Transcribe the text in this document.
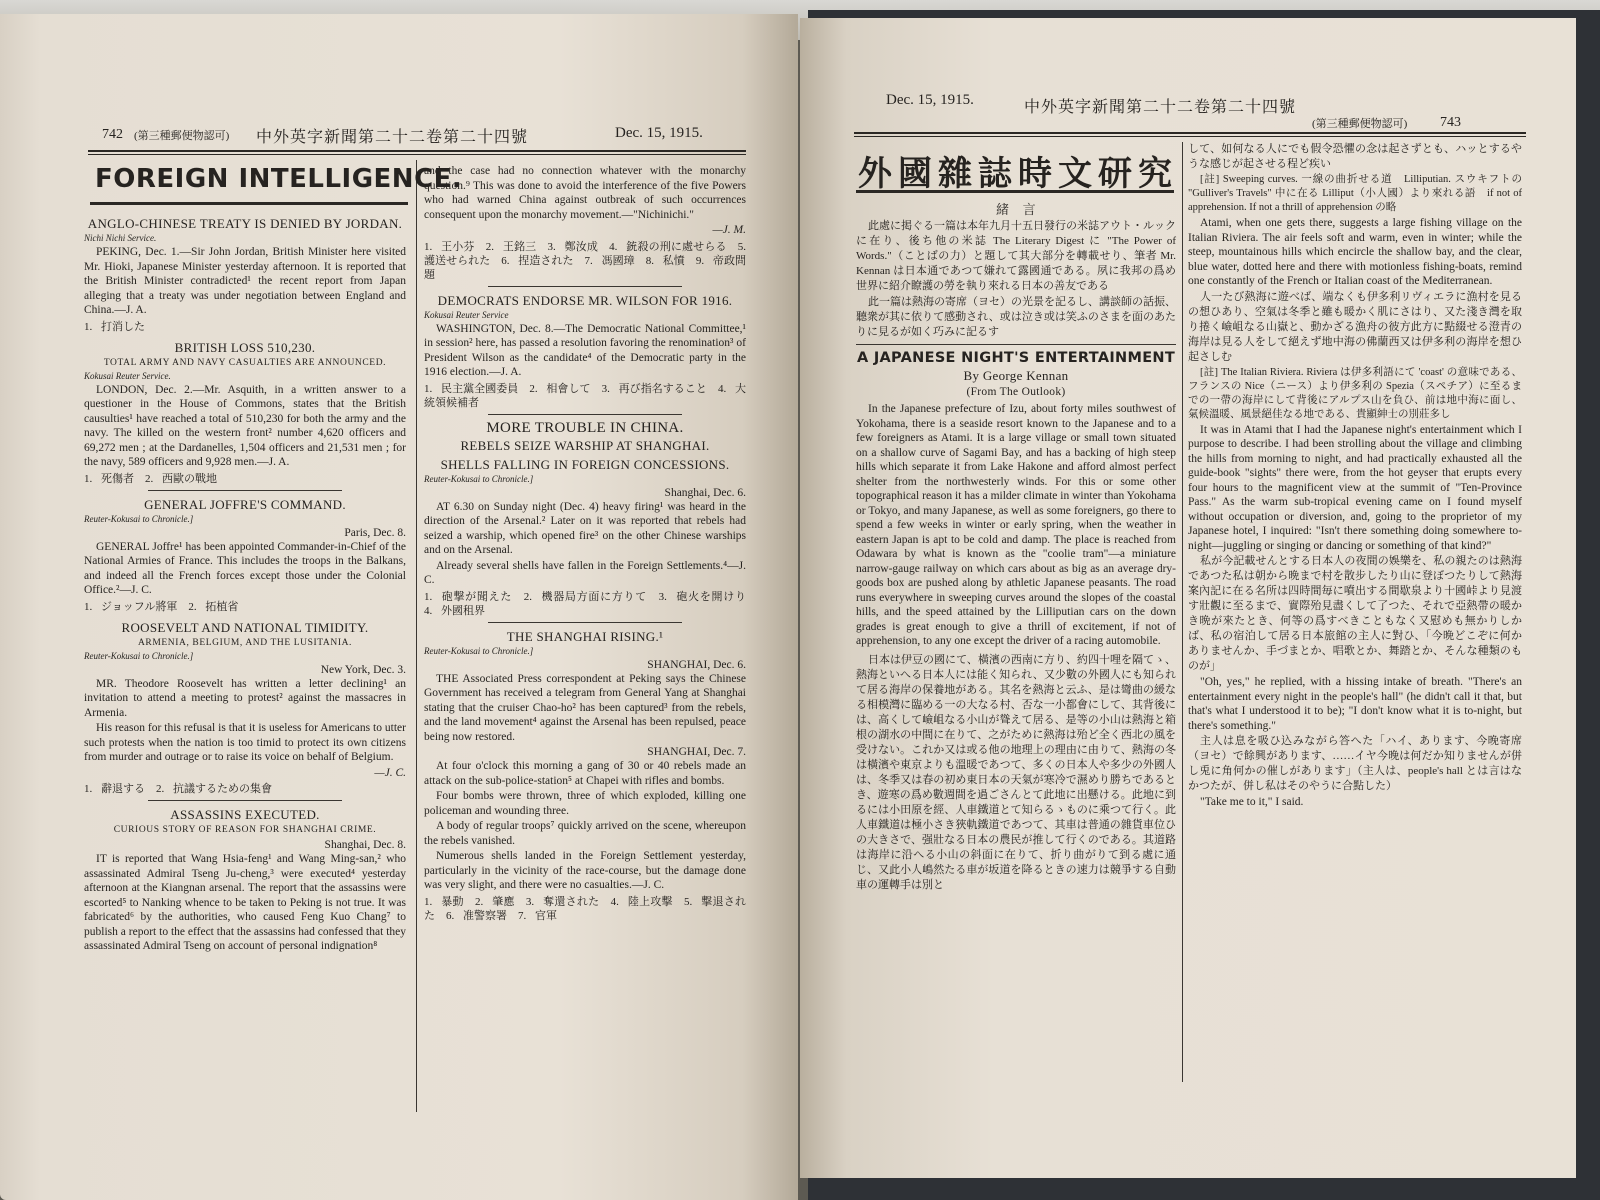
742 (第三種郵便物認可) 中外英字新聞第二十二卷第二十四號	Dec. 15, 1915.
FOREIGN INTELLIGENCE.
ANGLO-CHINESE TREATY IS DENIED BY JORDAN.
Nichi Nichi Service.

PEKING, Dec. 1.—Sir John Jordan, British Minister here visited Mr. Hioki, Japanese Minister yesterday afternoon. It is reported that the British Minister contradicted¹ the recent report from Japan alleging that a treaty was under negotiation between England and China.—J. A.

1. 打消した
BRITISH LOSS 510,230.
TOTAL ARMY AND NAVY CASUALTIES ARE ANNOUNCED.
Kokusai Reuter Service.

LONDON, Dec. 2.—Mr. Asquith, in a written answer to a questioner in the House of Commons, states that the British causulties¹ have reached a total of 510,230 for both the army and the navy. The killed on the western front² number 4,620 officers and 69,272 men ; at the Dardanelles, 1,504 officers and 21,531 men ; for the navy, 589 officers and 9,928 men.—J. A.

1. 死傷者　2. 西歐の戰地
GENERAL JOFFRE'S COMMAND.
Reuter-Kokusai to Chronicle.]
Paris, Dec. 8.

GENERAL Joffre¹ has been appointed Commander-in-Chief of the National Armies of France. This includes the troops in the Balkans, and indeed all the French forces except those under the Colonial Office.²—J. C.

1. ジョッフル將軍　2. 拓植省
ROOSEVELT AND NATIONAL TIMIDITY.
ARMENIA, BELGIUM, AND THE LUSITANIA.
Reuter-Kokusai to Chronicle.]
New York, Dec. 3.

MR. Theodore Roosevelt has written a letter declining¹ an invitation to attend a meeting to protest² against the massacres in Armenia.

His reason for this refusal is that it is useless for Americans to utter such protests when the nation is too timid to protect its own citizens from murder and outrage or to raise its voice on behalf of Belgium.

—J. C.
1. 辭退する　2. 抗議するための集會
ASSASSINS EXECUTED.
CURIOUS STORY OF REASON FOR SHANGHAI CRIME.
Shanghai, Dec. 8.

IT is reported that Wang Hsia-feng¹ and Wang Ming-san,² who assassinated Admiral Tseng Ju-cheng,³ were executed⁴ yesterday afternoon at the Kiangnan arsenal. The report that the assassins were escorted⁵ to Nanking whence to be taken to Peking is not true. It was fabricated⁶ by the authorities, who caused Feng Kuo Chang⁷ to publish a report to the effect that the assassins had confessed that they assassinated Admiral Tseng on account of personal indignation⁸

and the case had no connection whatever with the monarchy question.⁹ This was done to avoid the interference of the five Powers who had warned China against outbreak of such occurrences consequent upon the monarchy movement.—"Nichinichi."

—J. M.
1. 王小芬　2. 王銘三　3. 鄭汝成　4. 銃殺の刑に處せらる　5. 護送せられた　6. 捏造された　7. 馮國璋　8. 私憤　9. 帝政問題
DEMOCRATS ENDORSE MR. WILSON FOR 1916.
Kokusai Reuter Service

WASHINGTON, Dec. 8.—The Democratic National Committee,¹ in session² here, has passed a resolution favoring the renomination³ of President Wilson as the candidate⁴ of the Democratic party in the 1916 election.—J. A.

1. 民主黨全國委員　2. 相會して　3. 再び指名すること　4. 大統領候補者
MORE TROUBLE IN CHINA.
REBELS SEIZE WARSHIP AT SHANGHAI.
SHELLS FALLING IN FOREIGN CONCESSIONS.
Reuter-Kokusai to Chronicle.]
Shanghai, Dec. 6.

AT 6.30 on Sunday night (Dec. 4) heavy firing¹ was heard in the direction of the Arsenal.² Later on it was reported that rebels had seized a warship, which opened fire³ on the other Chinese warships and on the Arsenal.

Already several shells have fallen in the Foreign Settlements.⁴—J. C.

1. 砲撃が聞えた　2. 機器局方面に方りて　3. 砲火を開けり　4. 外國租界
THE SHANGHAI RISING.¹
Reuter-Kokusai to Chronicle.]
SHANGHAI, Dec. 6.

THE Associated Press correspondent at Peking says the Chinese Government has received a telegram from General Yang at Shanghai stating that the cruiser Chao-ho² has been captured³ from the rebels, and the land movement⁴ against the Arsenal has been repulsed, peace being now restored.

SHANGHAI, Dec. 7.

At four o'clock this morning a gang of 30 or 40 rebels made an attack on the sub-police-station⁵ at Chapei with rifles and bombs.

Four bombs were thrown, three of which exploded, killing one policeman and wounding three.

A body of regular troops⁷ quickly arrived on the scene, whereupon the rebels vanished.

Numerous shells landed in the Foreign Settlement yesterday, particularly in the vicinity of the race-course, but the damage done was very slight, and there were no casualties.—J. C.

1. 暴動　2. 肇應　3. 奪還された　4. 陸上攻擊　5. 擊退された　6. 准警察署　7. 官軍
Dec. 15, 1915.	中外英字新聞第二十二卷第二十四號
(第三種郵便物認可) 743
外國雜誌時文研究
緒　言

此處に掲ぐる一篇は本年九月十五日發行の米誌アウト・ルックに在り、後ち他の米誌 The Literary Digest に "The Power of Words."（ことばの力）と題して其大部分を轉載せり、筆者 Mr. Kennan は日本通であつて嫌れて露國通である。夙に我邦の爲め世界に紹介瞭護の勞を執り來れる日本の善友である

此一篇は熱海の寄席（ヨセ）の光景を記るし、講談師の話振、聽衆が其に依りて感動され、或は泣き或は笑ふのさまを面のあたりに見るが如く巧みに記るす

A JAPANESE NIGHT'S ENTERTAINMENT
By George Kennan
(From The Outlook)

In the Japanese prefecture of Izu, about forty miles southwest of Yokohama, there is a seaside resort known to the Japanese and to a few foreigners as Atami. It is a large village or small town situated on a shallow curve of Sagami Bay, and has a backing of high steep hills which separate it from Lake Hakone and afford almost perfect shelter from the northwesterly winds. For this or some other topographical reason it has a milder climate in winter than Yokohama or Tokyo, and many Japanese, as well as some foreigners, go there to spend a few weeks in winter or early spring, when the weather in eastern Japan is apt to be cold and damp. The place is reached from Odawara by what is known as the "coolie tram"—a miniature narrow-gauge railway on which cars about as big as an average dry-goods box are pushed along by athletic Japanese peasants. The road runs everywhere in sweeping curves around the slopes of the coastal hills, and the speed attained by the Lilliputian cars on the down grades is great enough to give a thrill of excitement, if not of apprehension, to any one except the driver of a racing automobile.

日本は伊豆の國にて、橫濱の西南に方り、約四十哩を隔てゝ、熱海といへる日本人には能く知られ、又少數の外國人にも知られて居る海岸の保養地がある。其名を熱海と云ふ、是は彎曲の緩なる相模灣に臨める一の大なる村、否な一小都會にして、其背後には、高くして嶮岨なる小山が聳えて居る、是等の小山は熱海と箱根の湖水の中間に在りて、之がために熱海は殆ど全く西北の風を受けない。これか又は或る他の地理上の理由に由りて、熱海の冬は橫濱や東京よりも溫暖であつて、多くの日本人や多少の外國人は、冬季又は春の初め東日本の天氣が寒冷で濕めり勝ちであるとき、遊寒の爲め數週間を過ごさんとて此地に出懸ける。此地に到るには小田原を經、人車鐵道とて知らるゝものに乘つて行く。此人車鐵道は極小さき狹軌鐵道であつて、其車は普通の雜貨車位ひの大きさで、强壯なる日本の農民が推して行くのである。其道路は海岸に沿へる小山の斜面に在りて、折り曲がりて到る處に通じ、又此小人嶋然たる車が坂道を降るときの速力は競爭する自動車の運轉手は別と

して、如何なる人にでも假令恐懼の念は起さずとも、ハッとするやうな感じが起させる程ど疾い

[註] Sweeping curves. 一線の曲折せる道　Lilliputian. スウキフトの "Gulliver's Travels" 中に在る Lilliput（小人國）より來れる語　if not of apprehension. If not a thrill of apprehension の略

Atami, when one gets there, suggests a large fishing village on the Italian Riviera. The air feels soft and warm, even in winter; while the steep, mountainous hills which encircle the shallow bay, and the clear, blue water, dotted here and there with motionless fishing-boats, remind one constantly of the French or Italian coast of the Mediterranean.

人一たび熱海に遊べば、端なくも伊多利リヴィエラに漁村を見るの想ひあり、空氣は冬季と雖も暖かく肌にさはり、又た淺き灣を取り捲く嶮岨なる山嶽と、動かざる漁舟の彼方此方に點綴せる澄青の海岸は見る人をして絕えず地中海の佛蘭西又は伊多利の海岸を想ひ起さしむ

[註] The Italian Riviera. Riviera は伊多利語にて 'coast' の意味である、フランスの Nice（ニース）より伊多利の Spezia（スペチア）に至るまでの一帶の海岸にして背後にアルプス山を負ひ、前は地中海に面し、氣候溫暖、風景絕佳なる地である、貴顯紳士の別莊多し

It was in Atami that I had the Japanese night's entertainment which I purpose to describe. I had been strolling about the village and climbing the hills from morning to night, and had practically exhausted all the guide-book "sights" there were, from the hot geyser that erupts every four hours to the magnificent view at the summit of "Ten-Province Pass." As the warm sub-tropical evening came on I found myself without occupation or diversion, and, going to the proprietor of my Japanese hotel, I inquired: "Isn't there something doing somewhere to-night—juggling or singing or dancing or something of that kind?"

私が今記載せんとする日本人の夜間の娛樂を、私の親たのは熱海であつた私は朝から晩まで村を散步したり山に登ぼつたりして熱海案內記に在る名所は四時間毎に噴出する間歇泉より十國峠より見渡す壯觀に至るまで、實際殆見盡くして了つた、それで亞熱帶の暖かき晩が來たとき、何等の爲すべきこともなく又慰めも無かりしかば、私の宿泊して居る日本旅館の主人に對ひ、「今晩どこぞに何かありませんか、手づまとか、唱歌とか、舞踏とか、そんな種類のものが」

"Oh, yes," he replied, with a hissing intake of breath. "There's an entertainment every night in the people's hall" (he didn't call it that, but that's what I understood it to be); "I don't know what it is to-night, but there's something."

主人は息を吸ひ込みながら答へた「ハイ、あります、今晚寄席（ヨセ）で餘興があります、……イヤ今晚は何だか知りませんが併し兎に角何かの催しがあります」（主人は、people's hall とは言はなかつたが、併し私はそのやうに合點した）

"Take me to it," I said.
